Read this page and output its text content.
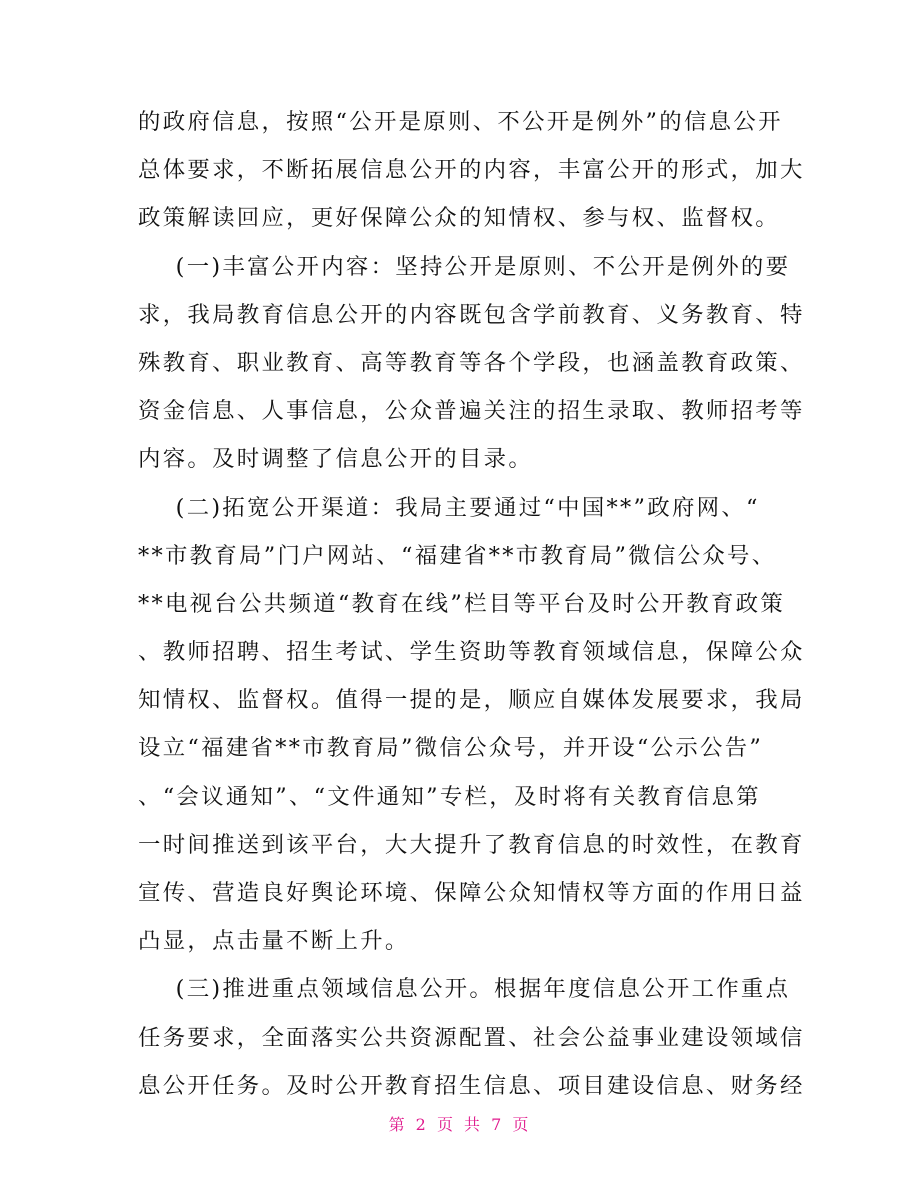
的政府信息，按照“公开是原则、不公开是例外”的信息公开
总体要求，不断拓展信息公开的内容，丰富公开的形式，加大
政策解读回应，更好保障公众的知情权、参与权、监督权。
(一)丰富公开内容：坚持公开是原则、不公开是例外的要
求，我局教育信息公开的内容既包含学前教育、义务教育、特
殊教育、职业教育、高等教育等各个学段，也涵盖教育政策、
资金信息、人事信息，公众普遍关注的招生录取、教师招考等
内容。及时调整了信息公开的目录。
(二)拓宽公开渠道：我局主要通过“中国**”政府网、“
**市教育局”门户网站、“福建省**市教育局”微信公众号、
**电视台公共频道“教育在线”栏目等平台及时公开教育政策
、教师招聘、招生考试、学生资助等教育领域信息，保障公众
知情权、监督权。值得一提的是，顺应自媒体发展要求，我局
设立“福建省**市教育局”微信公众号，并开设“公示公告”
、“会议通知”、“文件通知”专栏，及时将有关教育信息第
一时间推送到该平台，大大提升了教育信息的时效性，在教育
宣传、营造良好舆论环境、保障公众知情权等方面的作用日益
凸显，点击量不断上升。
(三)推进重点领域信息公开。根据年度信息公开工作重点
任务要求，全面落实公共资源配置、社会公益事业建设领域信
息公开任务。及时公开教育招生信息、项目建设信息、财务经
第 2 页 共 7 页
